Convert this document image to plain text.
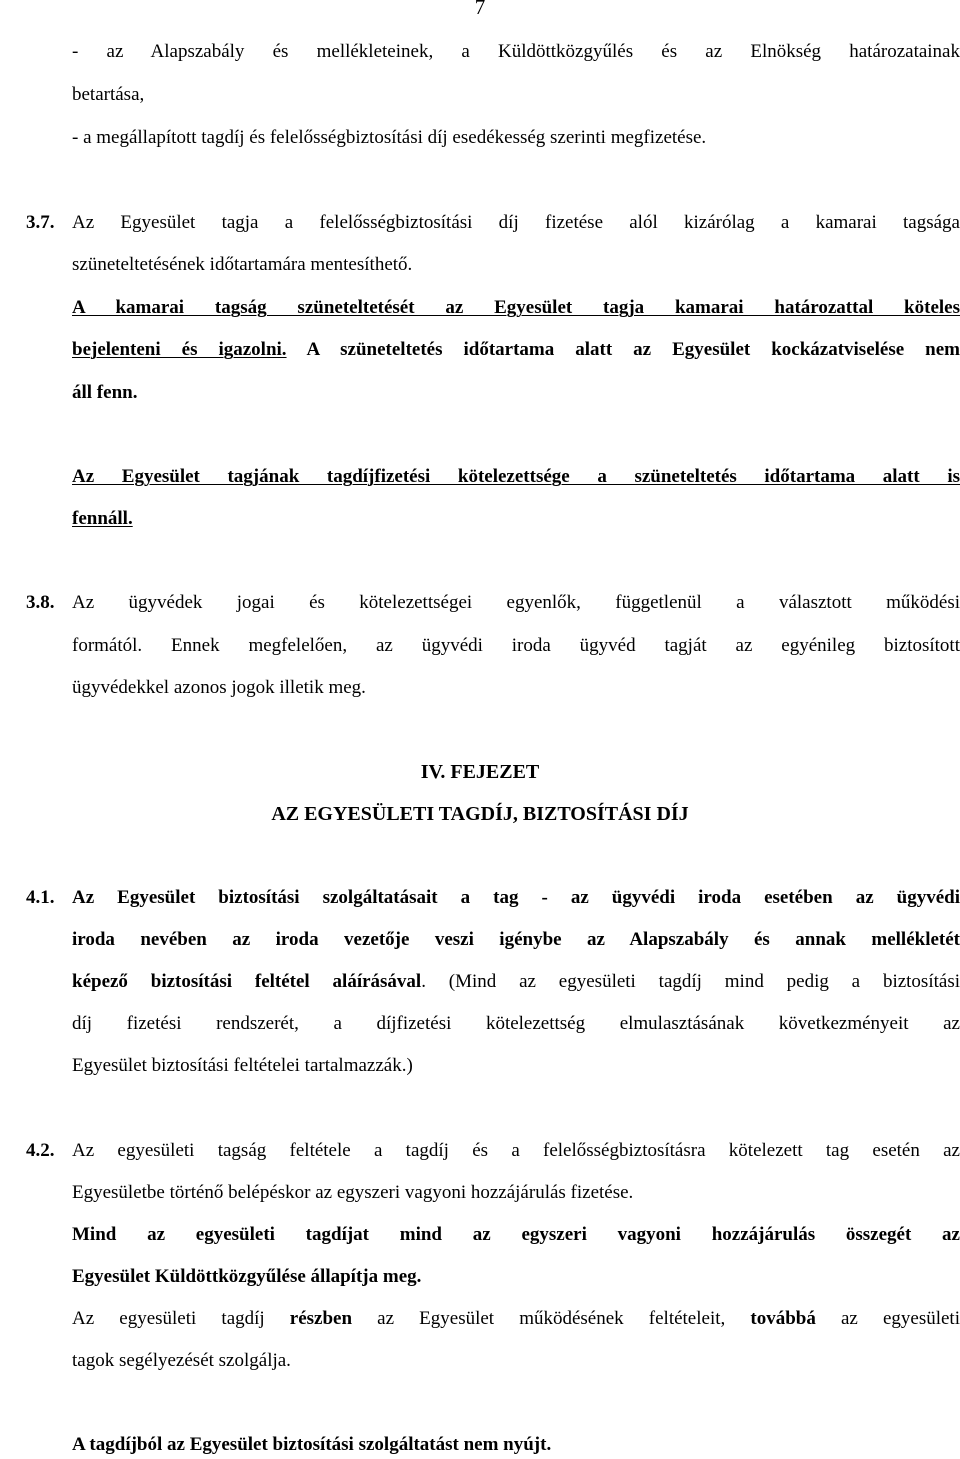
7

- az Alapszabály és mellékleteinek, a Küldöttközgyűlés és az Elnökség határozatainak

betartása,

- a megállapított tagdíj és felelősségbiztosítási díj esedékesség szerinti megfizetése.

3.7. Az Egyesület tagja a felelősségbiztosítási díj fizetése alól kizárólag a kamarai tagsága

szüneteltetésének időtartamára mentesíthető.

A kamarai tagság szüneteltetését az Egyesület tagja kamarai határozattal köteles

bejelenteni és igazolni. A szüneteltetés időtartama alatt az Egyesület kockázatviselése nem

áll fenn.

Az Egyesület tagjának tagdíjfizetési kötelezettsége a szüneteltetés időtartama alatt is

fennáll.

3.8. Az ügyvédek jogai és kötelezettségei egyenlők, függetlenül a választott működési

formától. Ennek megfelelően, az ügyvédi iroda ügyvéd tagját az egyénileg biztosított

ügyvédekkel azonos jogok illetik meg.

IV. FEJEZET
AZ EGYESÜLETI TAGDÍJ, BIZTOSÍTÁSI DÍJ
4.1. Az Egyesület biztosítási szolgáltatásait a tag - az ügyvédi iroda esetében az ügyvédi

iroda nevében az iroda vezetője veszi igénybe az Alapszabály és annak mellékletét

képező biztosítási feltétel aláírásával. (Mind az egyesületi tagdíj mind pedig a biztosítási

díj fizetési rendszerét, a díjfizetési kötelezettség elmulasztásának következményeit az

Egyesület biztosítási feltételei tartalmazzák.)

4.2. Az egyesületi tagság feltétele a tagdíj és a felelősségbiztosításra kötelezett tag esetén az

Egyesületbe történő belépéskor az egyszeri vagyoni hozzájárulás fizetése.

Mind az egyesületi tagdíjat mind az egyszeri vagyoni hozzájárulás összegét az

Egyesület Küldöttközgyűlése állapítja meg.

Az egyesületi tagdíj részben az Egyesület működésének feltételeit, továbbá az egyesületi

tagok segélyezését szolgálja.

A tagdíjból az Egyesület biztosítási szolgáltatást nem nyújt.
